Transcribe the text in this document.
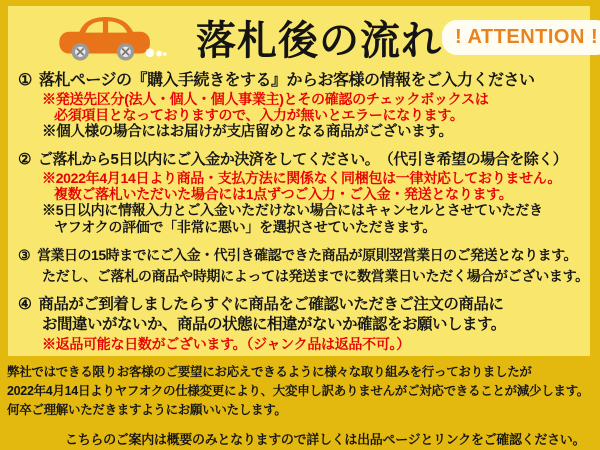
落札後の流れ ! ATTENTION !
① 落札ページの『購入手続きをする』からお客様の情報をご入力ください
※発送先区分(法人・個人・個人事業主)とその確認のチェックボックスは
必須項目となっておりますので、入力が無いとエラーになります。
※個人様の場合にはお届けが支店留めとなる商品がございます。
② ご落札から5日以内にご入金か決済をしてください。　（代引き希望の場合を除く）
※2022年4月14日より商品・支払方法に関係なく同梱包は一律対応しておりません。
複数ご落札いただいた場合には1点ずつご入力・ご入金・発送となります。
※5日以内に情報入力とご入金いただけない場合にはキャンセルとさせていただき
ヤフオクの評価で「非常に悪い」を選択させていただきます。
③ 営業日の15時までにご入金・代引き確認できた商品が原則翌営業日のご発送となります。
ただし、ご落札の商品や時期によっては発送までに数営業日いただく場合がございます。
④ 商品がご到着しましたらすぐに商品をご確認いただきご注文の商品に
お間違いがないか、商品の状態に相違がないか確認をお願いします。
※返品可能な日数がございます。（ジャンク品は返品不可。）
弊社ではできる限りお客様のご要望にお応えできるように様々な取り組みを行っておりましたが
2022年4月14日よりヤフオクの仕様変更により、大変申し訳ありませんがご対応できることが減少します。
何卒ご理解いただきますようにお願いいたします。
こちらのご案内は概要のみとなりますので詳しくは出品ページとリンクをご確認ください。
